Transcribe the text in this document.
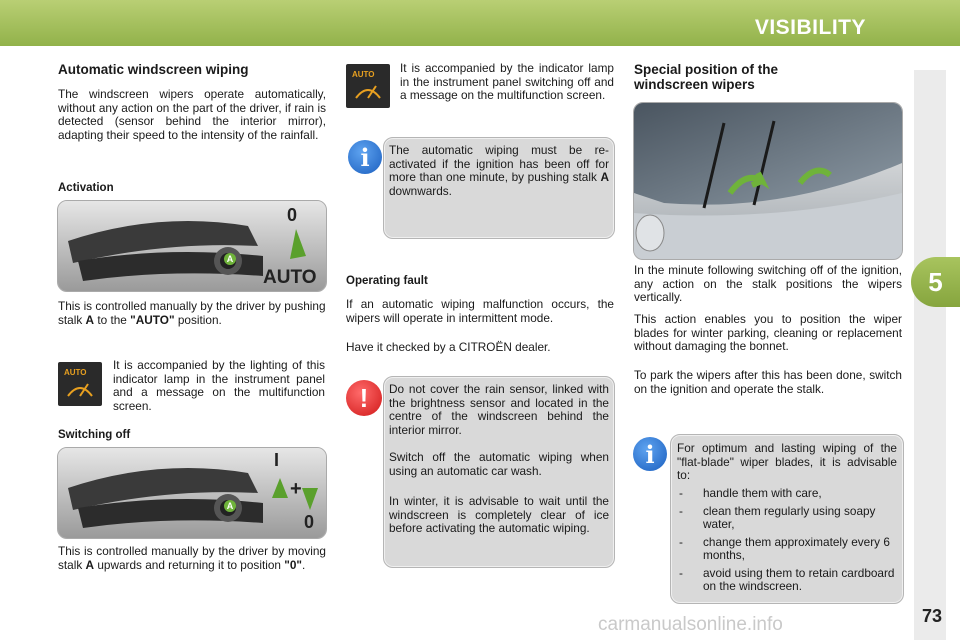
VISIBILITY
5
Automatic windscreen wiping

The windscreen wipers operate automatically, without any action on the part of the driver, if rain is detected (sensor behind the interior mirror), adapting their speed to the intensity of the rainfall.

Activation
A
0
AUTO

This is controlled manually by the driver by pushing stalk A to the "AUTO" position.

AUTO

It is accompanied by the lighting of this indicator lamp in the instrument panel and a message on the multifunction screen.

Switching off
A
I
+
0

This is controlled manually by the driver by moving stalk A upwards and returning it to position "0".

AUTO It is accompanied by the indicator lamp in the instrument panel switching off and a message on the multifunction screen.

The automatic wiping must be re-activated if the ignition has been off for more than one minute, by pushing stalk A downwards.

i
Operating fault

If an automatic wiping malfunction occurs, the wipers will operate in intermittent mode.

Have it checked by a CITROËN dealer.

Do not cover the rain sensor, linked with the brightness sensor and located in the centre of the windscreen behind the interior mirror.

Switch off the automatic wiping when using an automatic car wash.

In winter, it is advisable to wait until the windscreen is completely clear of ice before activating the automatic wiping.

!
Special position of the
windscreen wipers

In the minute following switching off of the ignition, any action on the stalk positions the wipers vertically.

This action enables you to position the wiper blades for winter parking, cleaning or replacement without damaging the bonnet.

To park the wipers after this has been done, switch on the ignition and operate the stalk.

For optimum and lasting wiping of the "flat-blade" wiper blades, it is advisable to:

- handle them with care,
- clean them regularly using soapy water,
- change them approximately every 6 months,
- avoid using them to retain cardboard on the windscreen.
i
carmanualsonline.info	73
